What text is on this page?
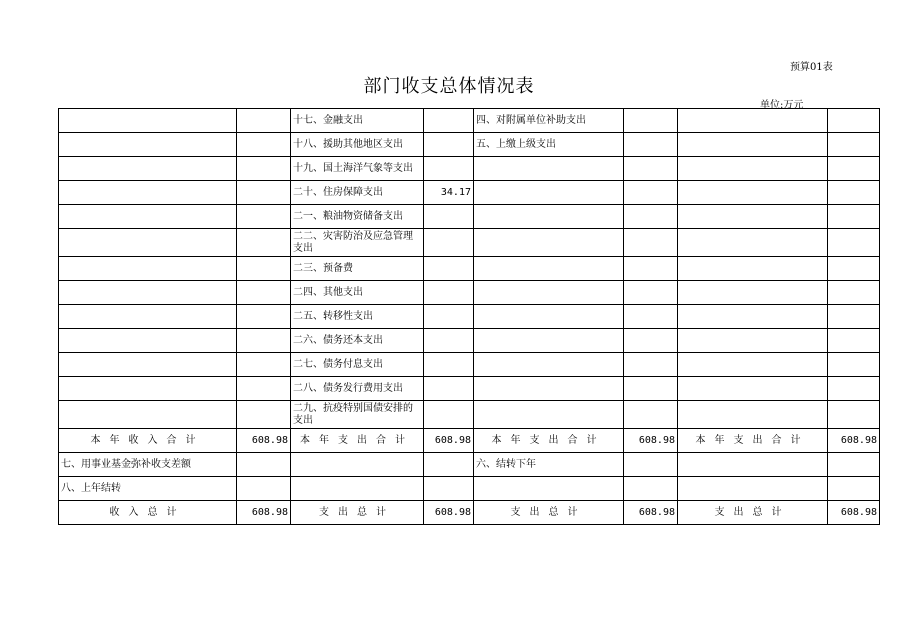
预算01表
部门收支总体情况表
单位:万元
		十七、金融支出		四、对附属单位补助支出			
		十八、援助其他地区支出		五、上缴上级支出			
		十九、国土海洋气象等支出					
		二十、住房保障支出	34.17				
		二一、粮油物资储备支出					
		二二、灾害防治及应急管理支出					
		二三、预备费					
		二四、其他支出					
		二五、转移性支出					
		二六、债务还本支出					
		二七、债务付息支出					
		二八、债务发行费用支出					
		二九、抗疫特别国债安排的支出					
本年收入合计	608.98	本年支出合计	608.98	本年支出合计	608.98	本年支出合计	608.98
七、用事业基金弥补收支差额				六、结转下年			
八、上年结转							
收入总计	608.98	支出总计	608.98	支出总计	608.98	支出总计	608.98
